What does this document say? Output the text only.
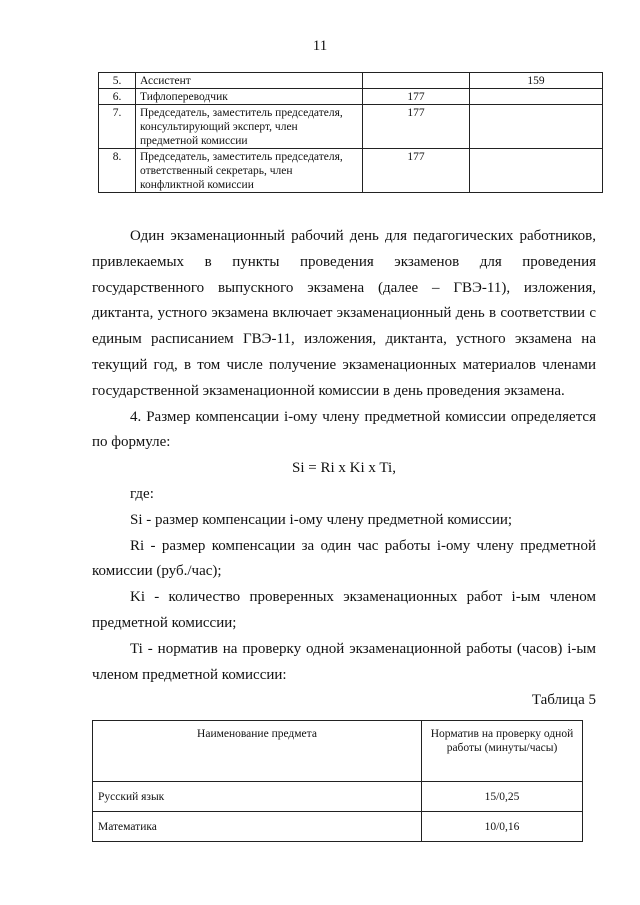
11
5.	Ассистент		159
6.	Тифлопереводчик	177	
7.	Председатель, заместитель председателя, консультирующий эксперт, член предметной комиссии	177	
8.	Председатель, заместитель председателя, ответственный секретарь, член конфликтной комиссии	177	

Один экзаменационный рабочий день для педагогических работников, привлекаемых в пункты проведения экзаменов для проведения государственного выпускного экзамена (далее – ГВЭ-11), изложения, диктанта, устного экзамена включает экзаменационный день в соответствии с единым расписанием ГВЭ-11, изложения, диктанта, устного экзамена на текущий год, в том числе получение экзаменационных материалов членами государственной экзаменационной комиссии в день проведения экзамена.

4. Размер компенсации i-ому члену предметной комиссии определяется по формуле:

Si = Ri x Ki x Ti,

где:

Si - размер компенсации i-ому члену предметной комиссии;

Ri - размер компенсации за один час работы i-ому члену предметной комиссии (руб./час);

Ki - количество проверенных экзаменационных работ i-ым членом предметной комиссии;

Ti - норматив на проверку одной экзаменационной работы (часов) i-ым членом предметной комиссии:

Таблица 5

Наименование предмета	Норматив на проверку одной работы (минуты/часы)
Русский язык	15/0,25
Математика	10/0,16
